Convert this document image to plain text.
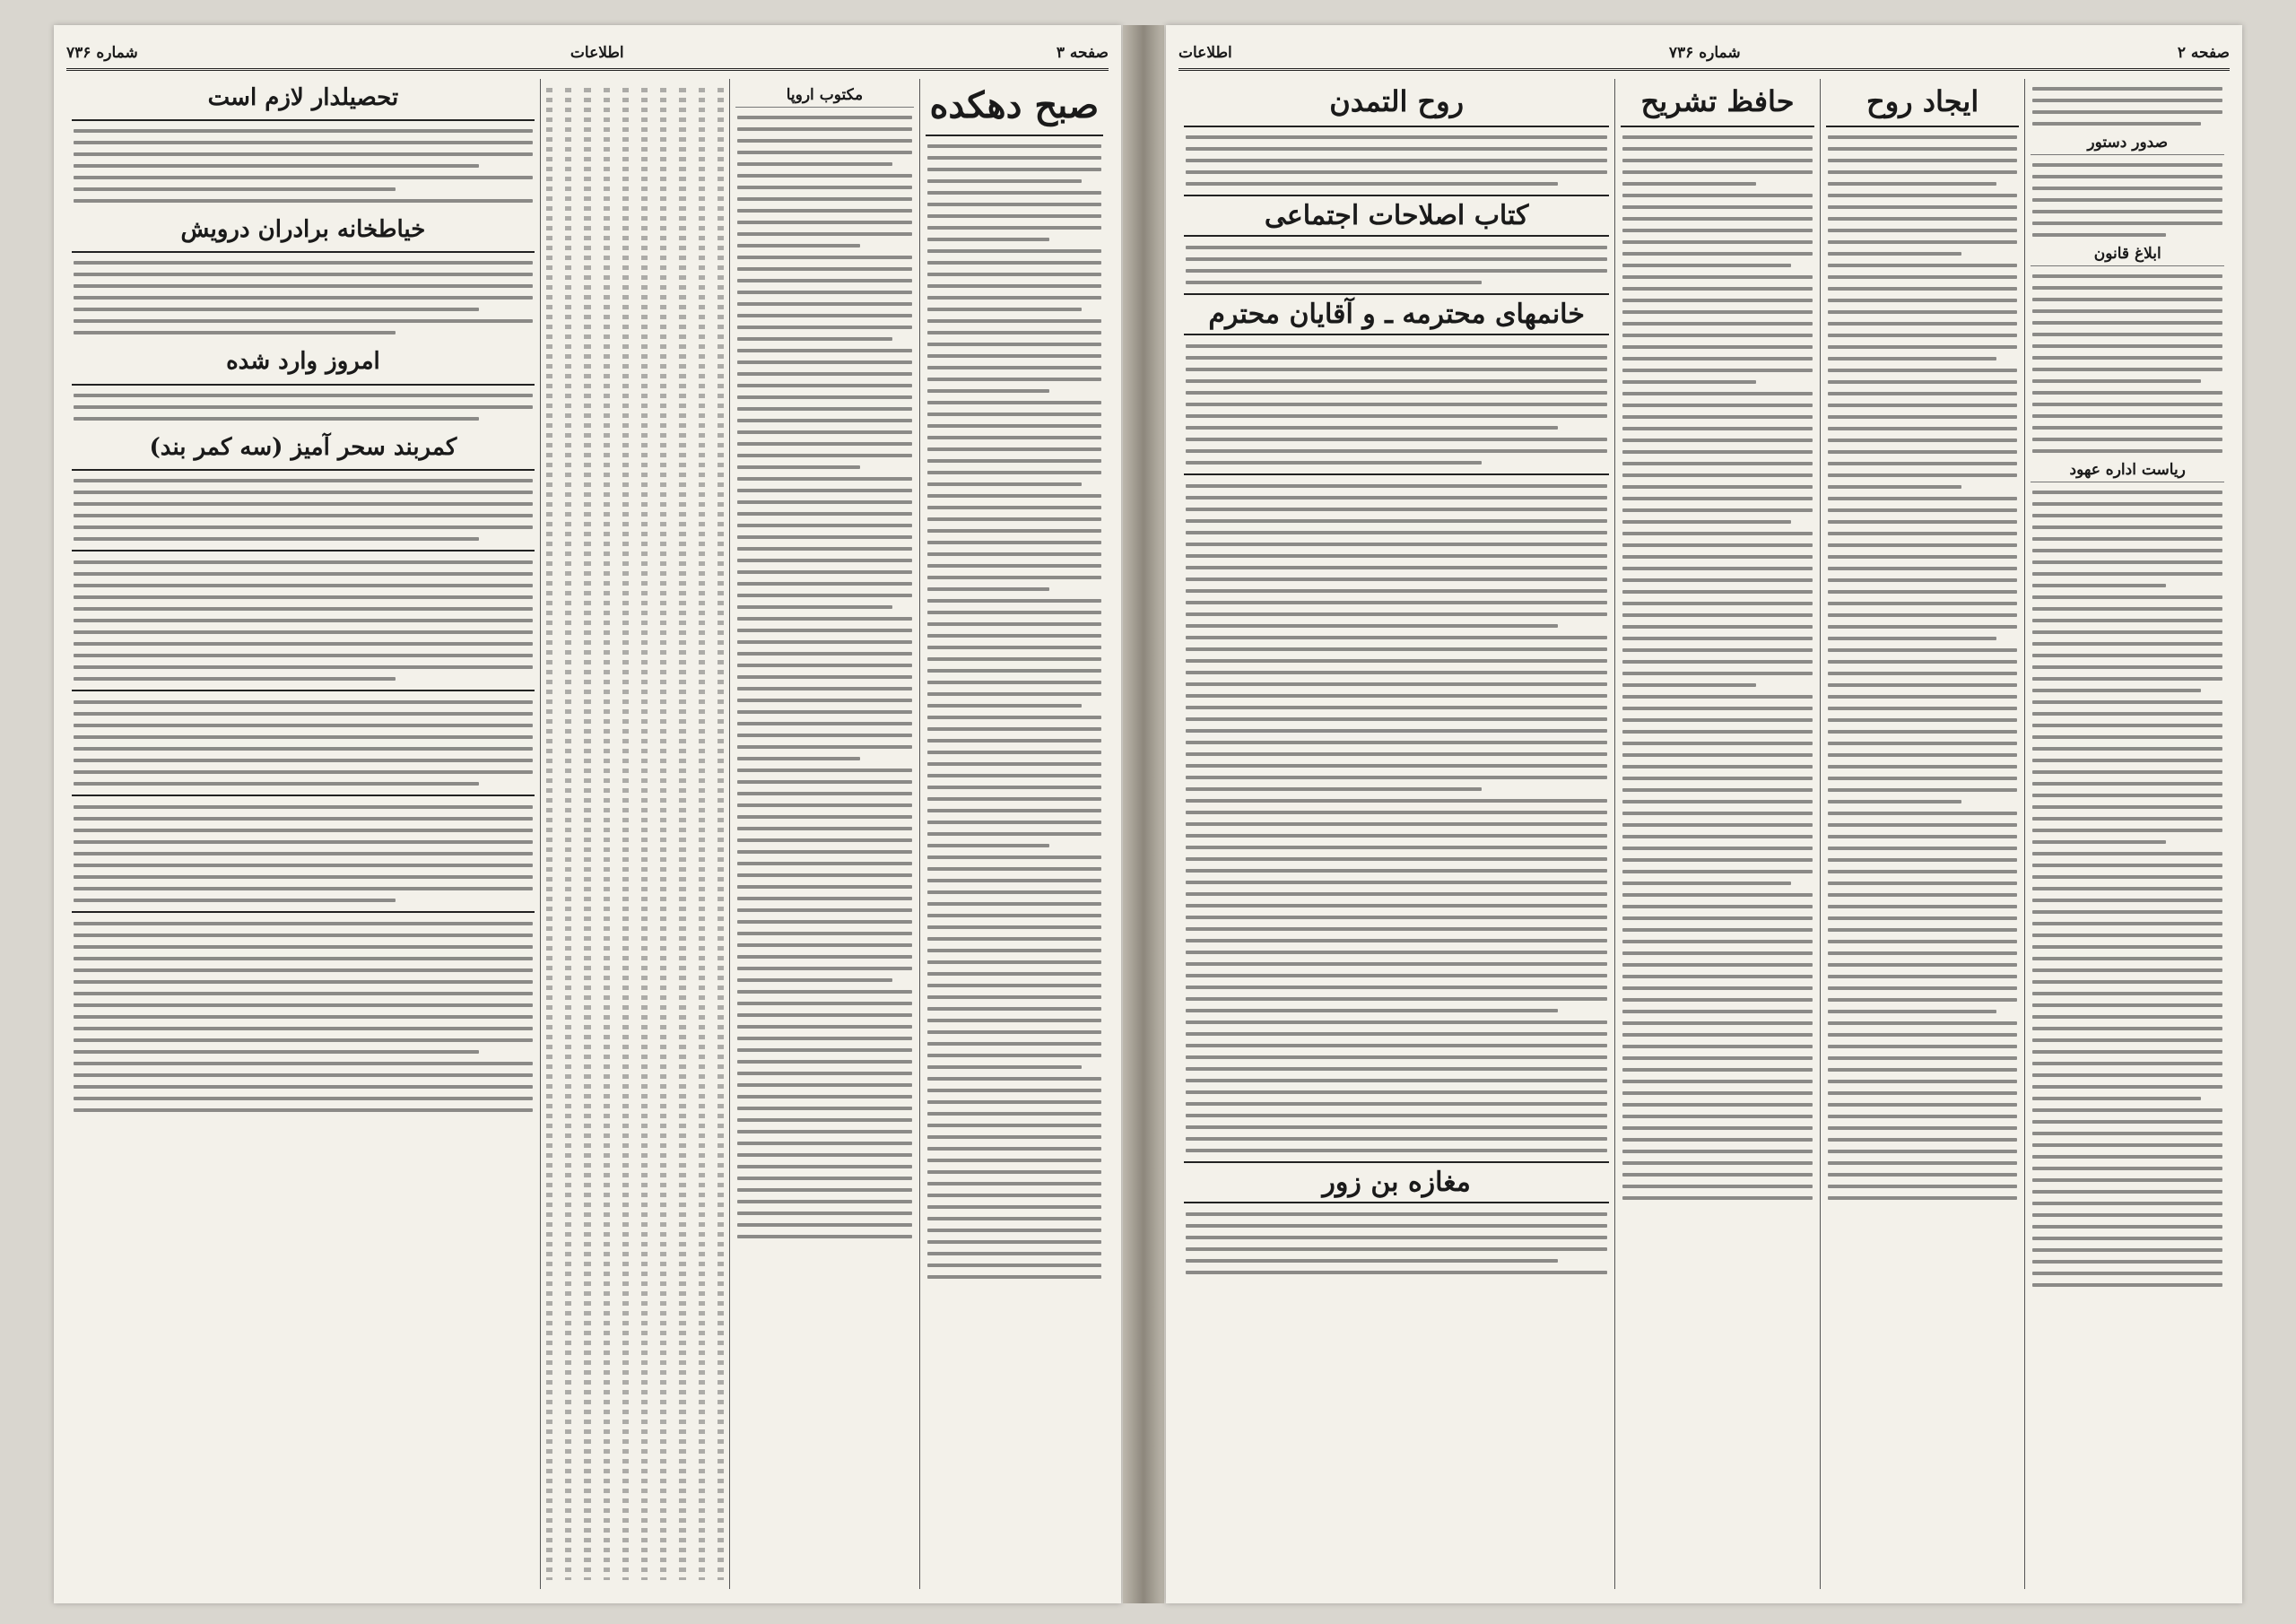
صفحه ۳
اطلاعات
شماره ۷۳۶
صبح دهکده
مکتوب اروپا
تحصیلدار لازم است
خیاطخانه برادران درویش
امروز وارد شده
کمربند سحر آمیز (سه کمر بند)
صفحه ۲
شماره ۷۳۶
اطلاعات
صدور دستور
ابلاغ قانون
ریاست اداره عهود
ایجاد روح
حافظ تشریح
روح التمدن
کتاب اصلاحات اجتماعی
خانمهای محترمه ـ و آقایان محترم
مغازه بن زور
